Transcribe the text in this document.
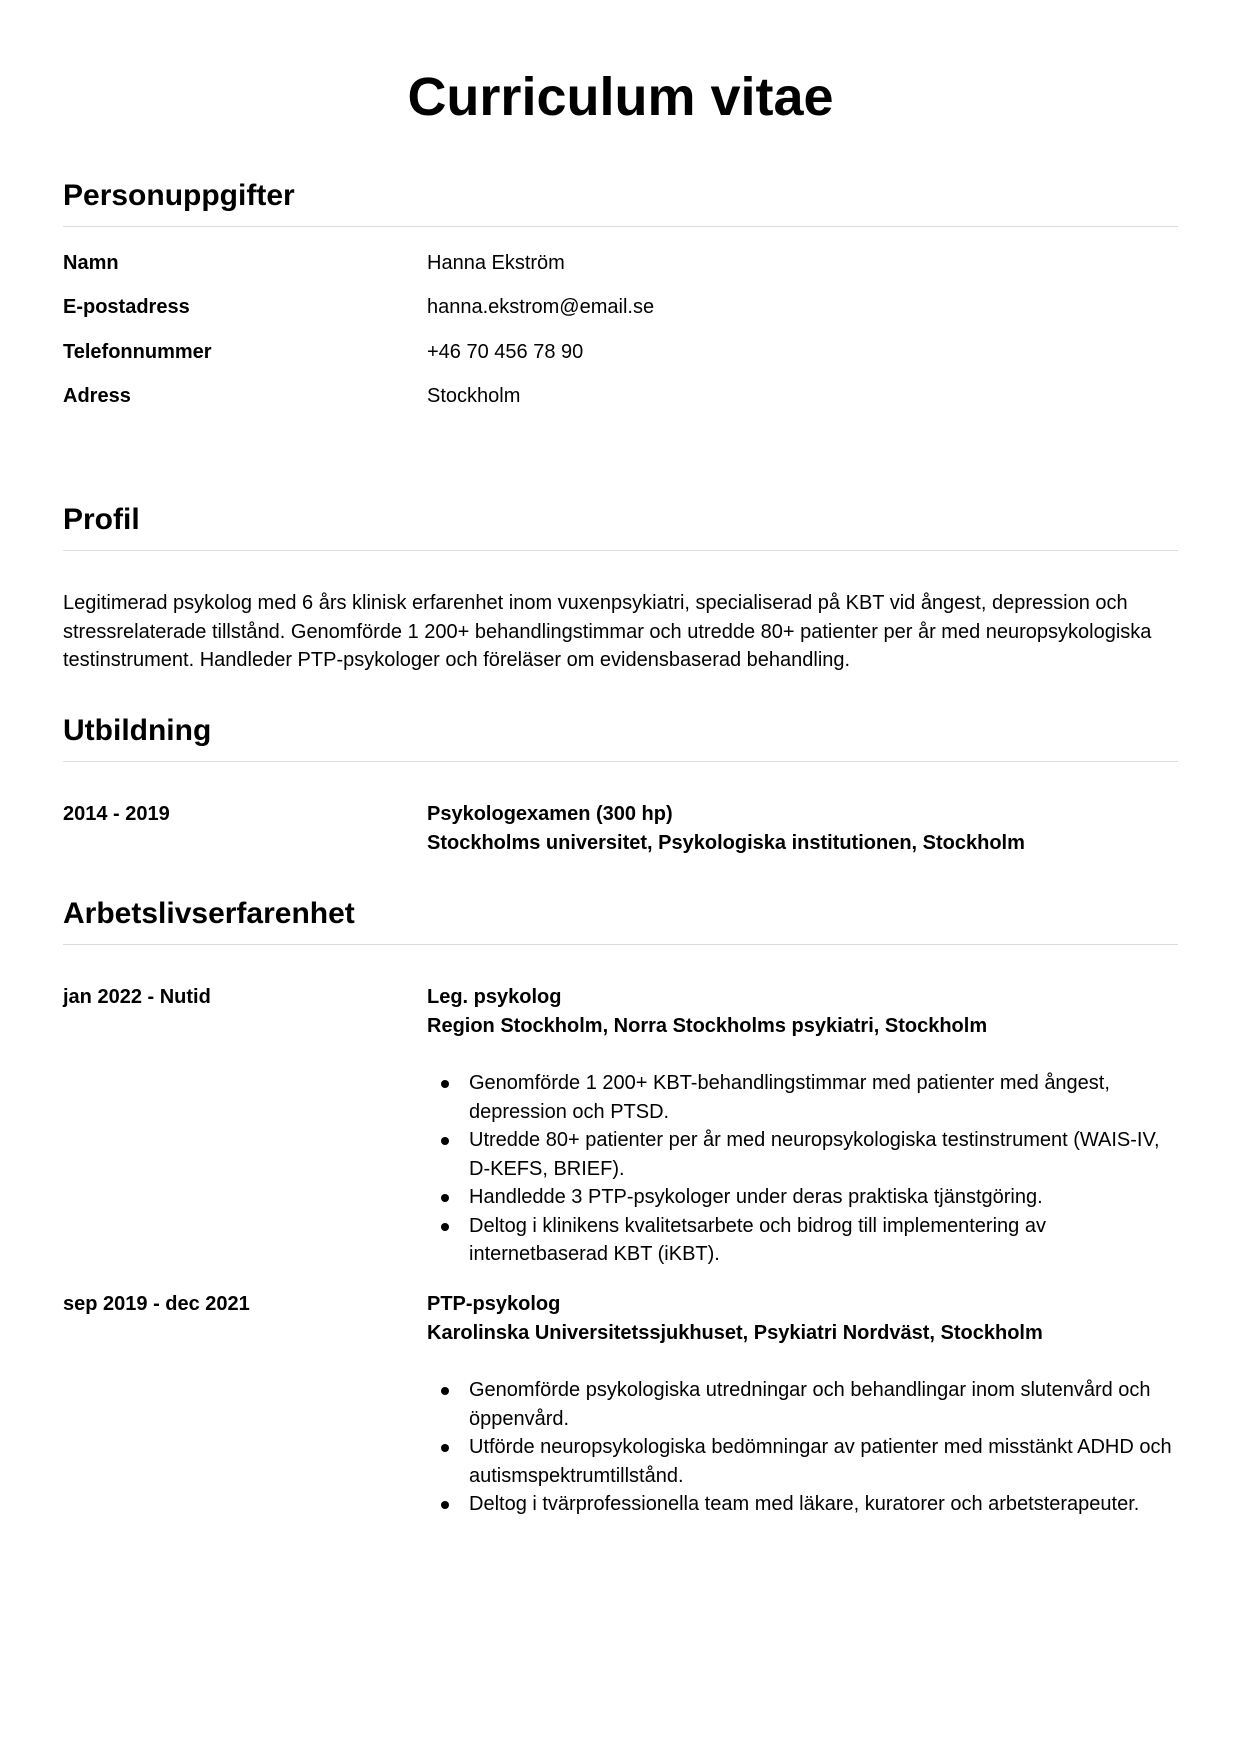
Curriculum vitae
Personuppgifter
Namn	Hanna Ekström
E-postadress	hanna.ekstrom@email.se
Telefonnummer	+46 70 456 78 90
Adress	Stockholm
Profil

Legitimerad psykolog med 6 års klinisk erfarenhet inom vuxenpsykiatri, specialiserad på KBT vid ångest, depression och stressrelaterade tillstånd. Genomförde 1 200+ behandlingstimmar och utredde 80+ patienter per år med neuropsykologiska testinstrument. Handleder PTP-psykologer och föreläser om evidensbaserad behandling.

Utbildning
2014 - 2019	Psykologexamen (300 hp)

Stockholms universitet, Psykologiska institutionen, Stockholm

Arbetslivserfarenhet
jan 2022 - Nutid	Leg. psykolog

Region Stockholm, Norra Stockholms psykiatri, Stockholm

Genomförde 1 200+ KBT-behandlingstimmar med patienter med ångest, depression och PTSD.
Utredde 80+ patienter per år med neuropsykologiska testinstrument (WAIS-IV, D-KEFS, BRIEF).
Handledde 3 PTP-psykologer under deras praktiska tjänstgöring.
Deltog i klinikens kvalitetsarbete och bidrog till implementering av internetbaserad KBT (iKBT).
sep 2019 - dec 2021	PTP-psykolog

Karolinska Universitetssjukhuset, Psykiatri Nordväst, Stockholm

Genomförde psykologiska utredningar och behandlingar inom slutenvård och öppenvård.
Utförde neuropsykologiska bedömningar av patienter med misstänkt ADHD och autismspektrumtillstånd.
Deltog i tvärprofessionella team med läkare, kuratorer och arbetsterapeuter.
